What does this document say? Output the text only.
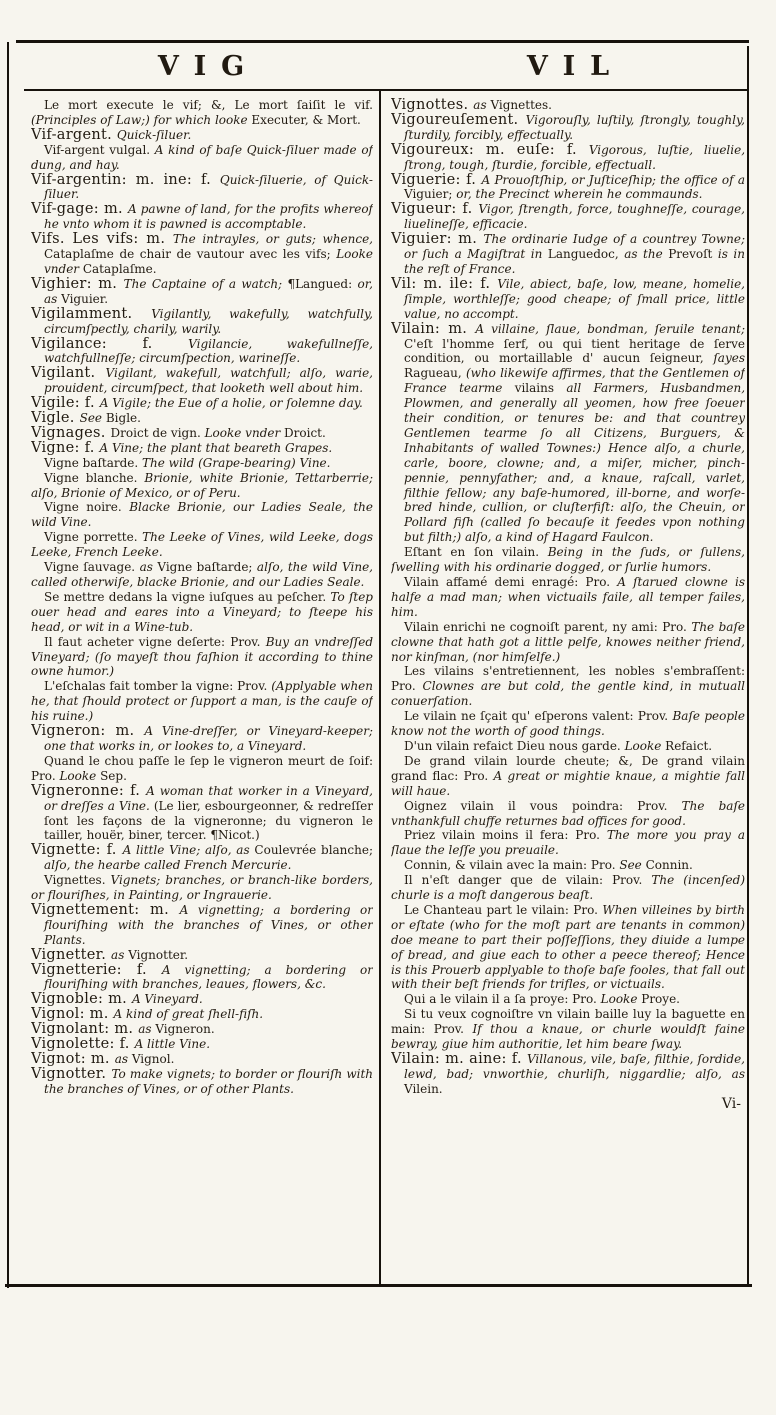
VIG	VIL

Le mort execute le vif; &, Le mort ſaiſit le vif. (Principles of Law;) for which looke Executer, & Mort.

Vif-argent. Quick-ſiluer.

Vif-argent vulgal. A kind of baſe Quick-ſiluer made of dung, and hay.

Vif-argentin: m. ine: f. Quick-ſiluerie, of Quick-ſiluer.

Vif-gage: m. A pawne of land, for the profits whereof he vnto whom it is pawned is accomptable.

Vifs. Les vifs: m. The intrayles, or guts; whence, Cataplaſme de chair de vautour avec les vifs; Looke vnder Cataplaſme.

Vighier: m. The Captaine of a watch; ¶Langued: or, as Viguier.

Vigilamment. Vigilantly, wakefully, watchfully, circumſpectly, charily, warily.

Vigilance: f. Vigilancie, wakefullneſſe, watchfullneſſe; circumſpection, warineſſe.

Vigilant. Vigilant, wakefull, watchfull; alſo, warie, prouident, circumſpect, that looketh well about him.

Vigile: f. A Vigile; the Eue of a holie, or ſolemne day.

Vigle. See Bigle.

Vignages. Droict de vign. Looke vnder Droict.

Vigne: f. A Vine; the plant that beareth Grapes.

Vigne baſtarde. The wild (Grape-bearing) Vine.

Vigne blanche. Brionie, white Brionie, Tettarberrie; alſo, Brionie of Mexico, or of Peru.

Vigne noire. Blacke Brionie, our Ladies Seale, the wild Vine.

Vigne porrette. The Leeke of Vines, wild Leeke, dogs Leeke, French Leeke.

Vigne ſauvage. as Vigne baſtarde; alſo, the wild Vine, called otherwiſe, blacke Brionie, and our Ladies Seale.

Se mettre dedans la vigne iuſques au peſcher. To ſtep ouer head and eares into a Vineyard; to ſteepe his head, or wit in a Wine-tub.

Il faut acheter vigne deſerte: Prov. Buy an vndreſſed Vineyard; (ſo mayeſt thou faſhion it according to thine owne humor.)

L'eſchalas fait tomber la vigne: Prov. (Applyable when he, that ſhould protect or ſupport a man, is the cauſe of his ruine.)

Vigneron: m. A Vine-dreſſer, or Vineyard-keeper; one that works in, or lookes to, a Vineyard.

Quand le chou paſſe le ſep le vigneron meurt de ſoif: Pro. Looke Sep.

Vigneronne: f. A woman that worker in a Vineyard, or dreſſes a Vine. (Le lier, esbourgeonner, & redreſſer ſont les façons de la vigneronne; du vigneron le tailler, houër, biner, tercer. ¶Nicot.)

Vignette: f. A little Vine; alſo, as Coulevrée blanche; alſo, the hearbe called French Mercurie.

Vignettes. Vignets; branches, or branch-like borders, or flouriſhes, in Painting, or Ingrauerie.

Vignettement: m. A vignetting; a bordering or flouriſhing with the branches of Vines, or other Plants.

Vignetter. as Vignotter.

Vignetterie: f. A vignetting; a bordering or flouriſhing with branches, leaues, flowers, &c.

Vignoble: m. A Vineyard.

Vignol: m. A kind of great ſhell-fiſh.

Vignolant: m. as Vigneron.

Vignolette: f. A little Vine.

Vignot: m. as Vignol.

Vignotter. To make vignets; to border or flouriſh with the branches of Vines, or of other Plants.

Vignottes. as Vignettes.

Vigoureuſement. Vigorouſly, luſtily, ſtrongly, toughly, ſturdily, forcibly, effectually.

Vigoureux: m. euſe: f. Vigorous, luſtie, liuelie, ſtrong, tough, ſturdie, forcible, effectuall.

Viguerie: f. A Prouoſtſhip, or Juſticeſhip; the office of a Viguier; or, the Precinct wherein he commaunds.

Vigueur: f. Vigor, ſtrength, force, toughneſſe, courage, liuelineſſe, efficacie.

Viguier: m. The ordinarie Iudge of a countrey Towne; or ſuch a Magiſtrat in Languedoc, as the Prevoſt is in the reſt of France.

Vil: m. ile: f. Vile, abiect, baſe, low, meane, homelie, ſimple, worthleſſe; good cheape; of ſmall price, little value, no accompt.

Vilain: m. A villaine, ſlaue, bondman, ſeruile tenant; C'eſt l'homme ſerf, ou qui tient heritage de ſerve condition, ou mortaillable d' aucun ſeigneur, ſayes Ragueau, (who likewiſe affirmes, that the Gentlemen of France tearme vilains all Farmers, Husbandmen, Plowmen, and generally all yeomen, how free ſoeuer their condition, or tenures be: and that countrey Gentlemen tearme ſo all Citizens, Burguers, & Inhabitants of walled Townes:) Hence alſo, a churle, carle, boore, clowne; and, a miſer, micher, pinch-pennie, pennyfather; and, a knaue, raſcall, varlet, filthie fellow; any baſe-humored, ill-borne, and worſe-bred hinde, cullion, or cluſterfiſt: alſo, the Cheuin, or Pollard fiſh (called ſo becauſe it feedes vpon nothing but filth;) alſo, a kind of Hagard Faulcon.

Eſtant en ſon vilain. Being in the ſuds, or ſullens, ſwelling with his ordinarie dogged, or ſurlie humors.

Vilain affamé demi enragé: Pro. A ſtarued clowne is halfe a mad man; when victuails faile, all temper failes, him.

Vilain enrichi ne cognoiſt parent, ny ami: Pro. The baſe clowne that hath got a little pelfe, knowes neither friend, nor kinſman, (nor himſelfe.)

Les vilains s'entretiennent, les nobles s'embraſſent: Pro. Clownes are but cold, the gentle kind, in mutuall conuerſation.

Le vilain ne ſçait qu' eſperons valent: Prov. Baſe people know not the worth of good things.

D'un vilain refaict Dieu nous garde. Looke Refaict.

De grand vilain lourde cheute; &, De grand vilain grand flac: Pro. A great or mightie knaue, a mightie fall will haue.

Oignez vilain il vous poindra: Prov. The baſe vnthankfull chuffe returnes bad offices for good.

Priez vilain moins il fera: Pro. The more you pray a ſlaue the leſſe you preuaile.

Connin, & vilain avec la main: Pro. See Connin.

Il n'eſt danger que de vilain: Prov. The (incenſed) churle is a moſt dangerous beaſt.

Le Chanteau part le vilain: Pro. When villeines by birth or eſtate (who for the moſt part are tenants in common) doe meane to part their poſſeſſions, they diuide a lumpe of bread, and giue each to other a peece thereof; Hence is this Prouerb applyable to thoſe baſe fooles, that fall out with their beſt friends for trifles, or victuails.

Qui a le vilain il a ſa proye: Pro. Looke Proye.

Si tu veux cognoiſtre vn vilain baille luy la baguette en main: Prov. If thou a knaue, or churle wouldſt faine bewray, giue him authoritie, let him beare ſway.

Vilain: m. aine: f. Villanous, vile, baſe, filthie, ſordide, lewd, bad; vnworthie, churliſh, niggardlie; alſo, as Vilein.

Vi-
